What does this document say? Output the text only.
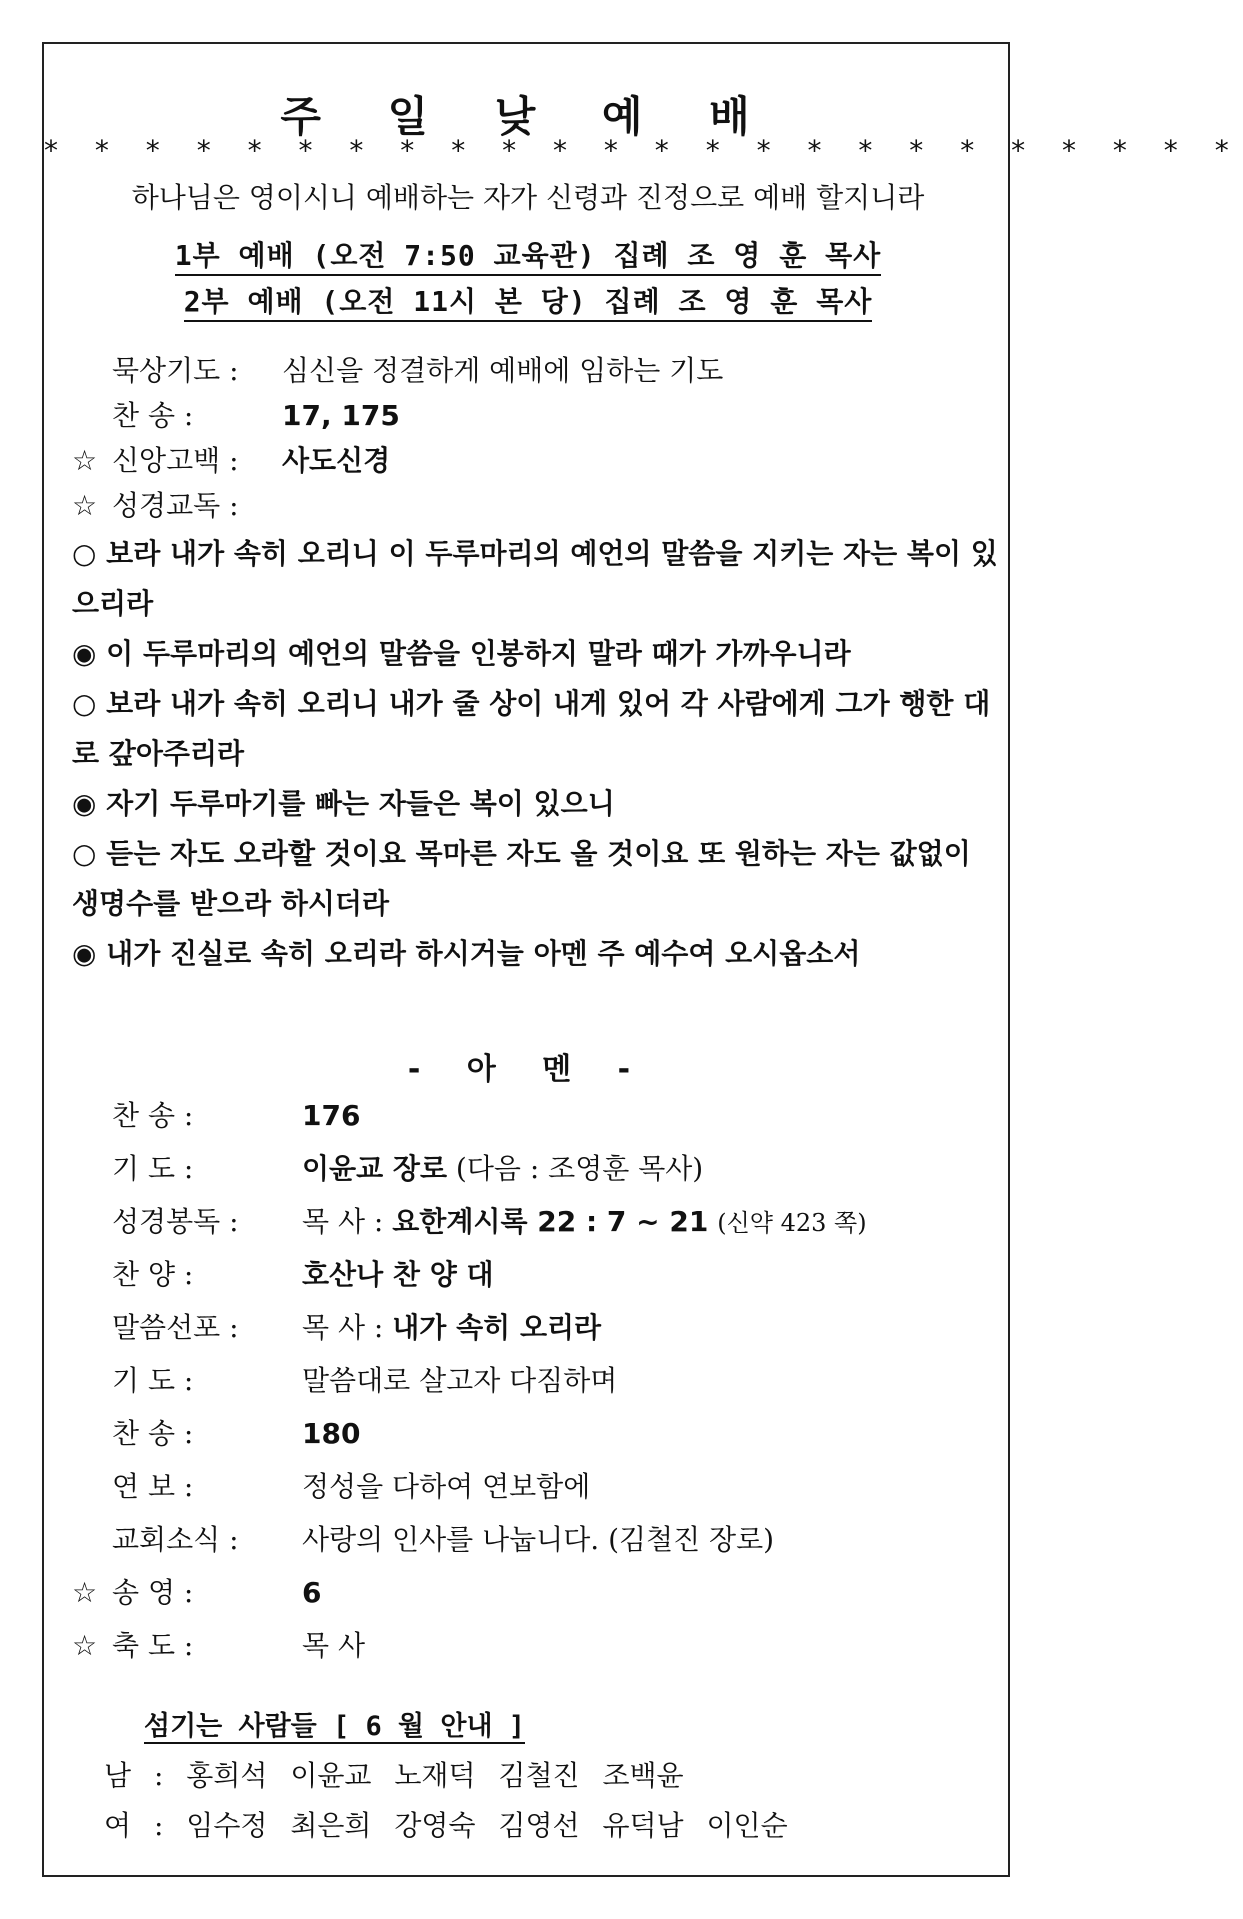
주 일 낮 예 배
* * * * * * * * * * * * * * * * * * * * * * * *
하나님은 영이시니 예배하는 자가 신령과 진정으로 예배 할지니라
1부 예배 (오전 7:50 교육관) 집례 조 영 훈 목사
2부 예배 (오전 11시 본 당) 집례 조 영 훈 목사
묵상기도 : 심신을 정결하게 예배에 임하는 기도
찬 송 :	17, 175
☆ 신앙고백 : 사도신경
☆ 성경교독 :

○ 보라 내가 속히 오리니 이 두루마리의 예언의 말씀을 지키는 자는 복이 있으리라

◉ 이 두루마리의 예언의 말씀을 인봉하지 말라 때가 가까우니라

○ 보라 내가 속히 오리니 내가 줄 상이 내게 있어 각 사람에게 그가 행한 대로 갚아주리라

◉ 자기 두루마기를 빠는 자들은 복이 있으니

○ 듣는 자도 오라할 것이요 목마른 자도 올 것이요 또 원하는 자는 값없이 생명수를 받으라 하시더라

◉ 내가 진실로 속히 오리라 하시거늘 아멘 주 예수여 오시옵소서

- 아 멘 -
찬 송 :	176
기 도 :	이윤교 장로 (다음 : 조영훈 목사)
성경봉독 : 목 사 : 요한계시록 22 : 7 ~ 21 (신약 423 쪽)
찬 양 :	호산나 찬 양 대
말씀선포 : 목 사 : 내가 속히 오리라
기 도 :	말씀대로 살고자 다짐하며
찬 송 :	180
연 보 :	정성을 다하여 연보함에
교회소식 : 사랑의 인사를 나눕니다. (김철진 장로)
☆ 송 영 :	6
☆ 축 도 :	목 사
섬기는 사람들 [ 6 월 안내 ]
남 : 홍희석 이윤교 노재덕 김철진 조백윤
여 : 임수정 최은희 강영숙 김영선 유덕남 이인순
